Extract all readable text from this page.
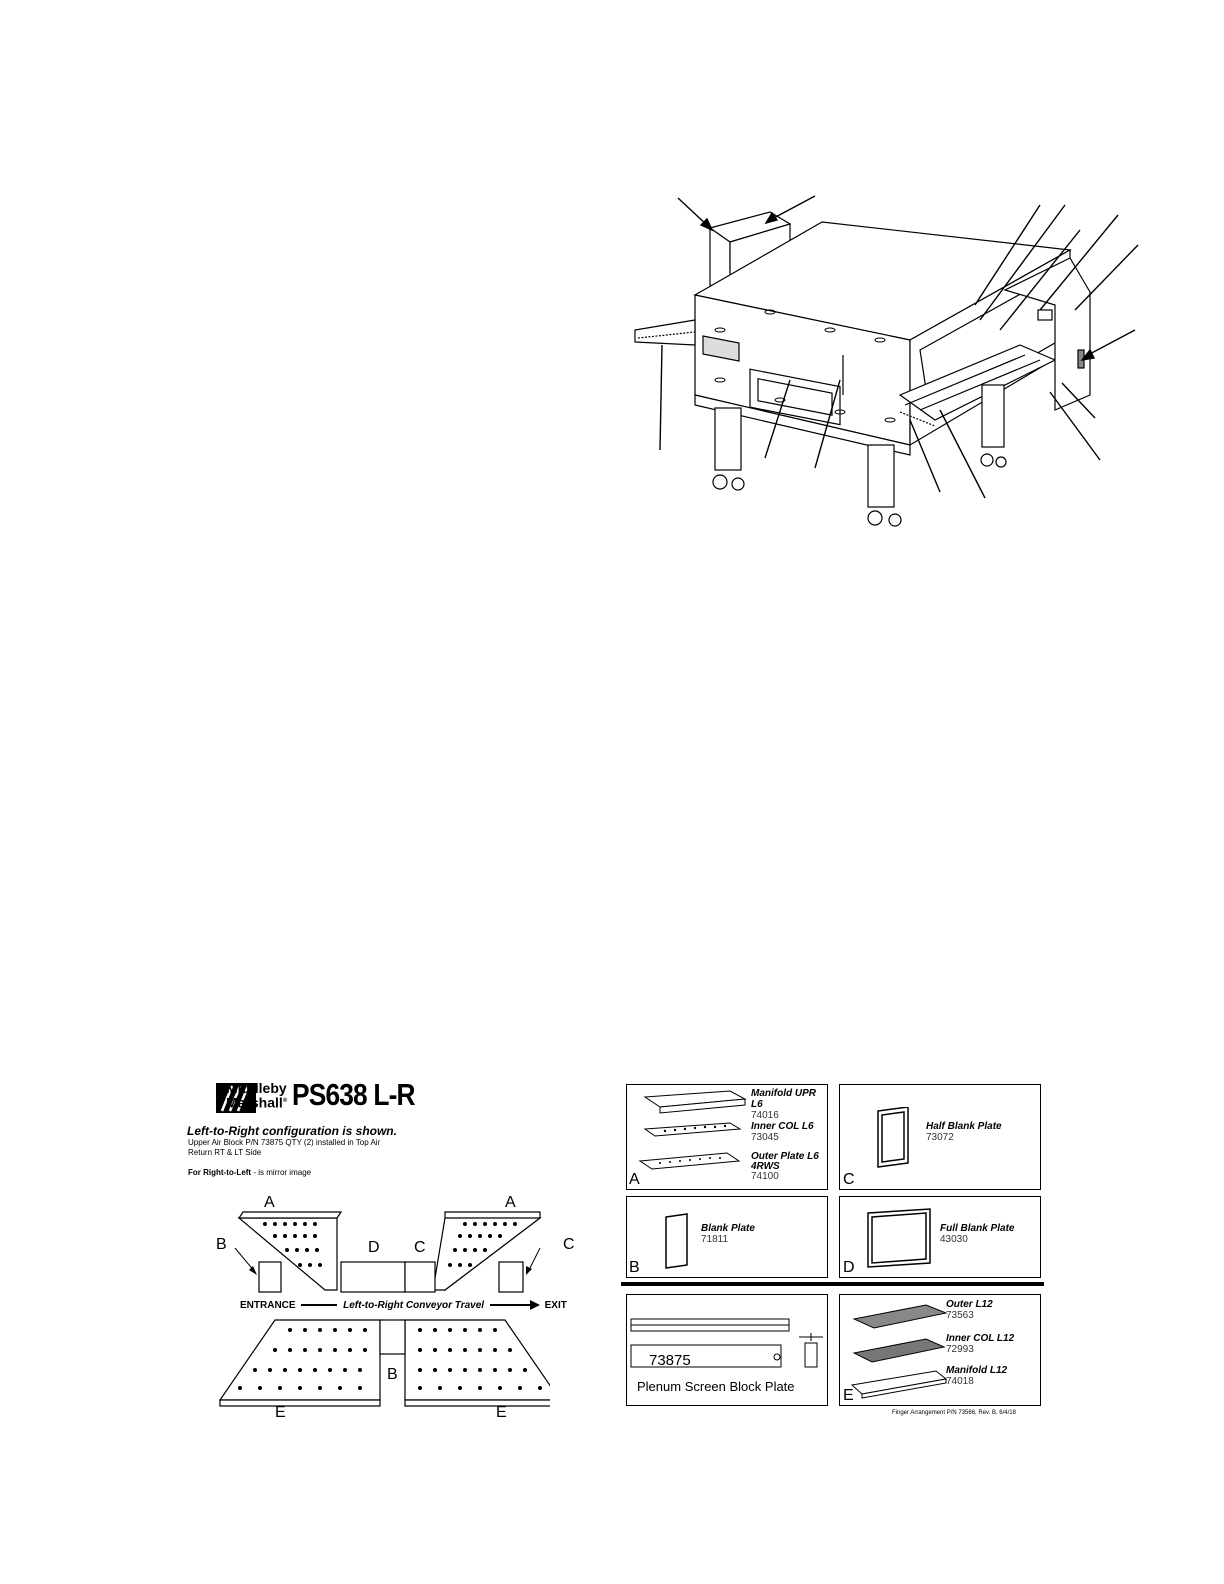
Middleby
Marshall® PS638 L-R
Left-to-Right configuration is shown.
Upper Air Block P/N 73875 QTY (2) installed in Top Air
Return RT & LT Side
For Right-to-Left - is mirror image
A	A
B	D C	C
B
E	E
ENTRANCE	Left-to-Right Conveyor Travel	EXIT
Manifold UPR L6
74016
Inner COL L6
73045
Outer Plate L6
4RWS
74100
A
Half Blank Plate
73072
C
Blank Plate
71811
B
Full Blank Plate
43030
D
73875
Plenum Screen Block Plate
Outer L12
73563
Inner COL L12
72993
Manifold L12
74018
E
Finger Arrangement P/N 73566, Rev. B, 6/4/18
